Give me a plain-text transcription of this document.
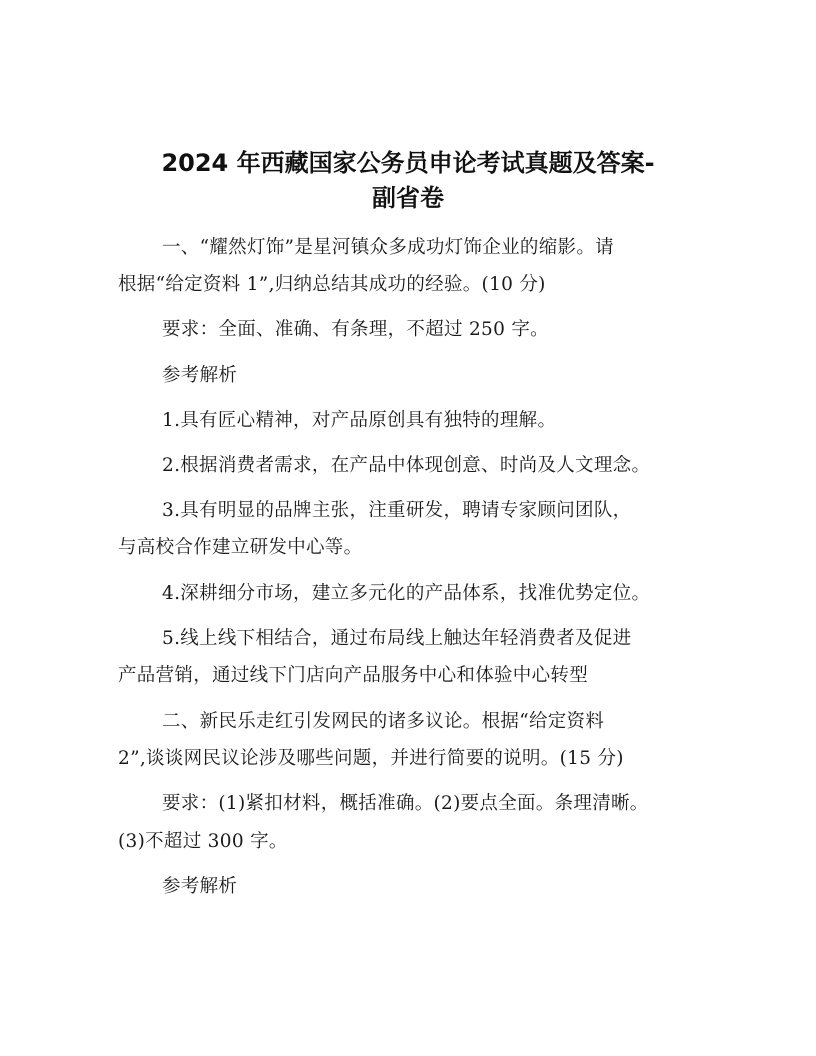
2024 年西藏国家公务员申论考试真题及答案-
副省卷
一、“耀然灯饰”是星河镇众多成功灯饰企业的缩影。请
根据“给定资料 1”,归纳总结其成功的经验。(10 分)
要求：全面、准确、有条理，不超过 250 字。
参考解析
1.具有匠心精神，对产品原创具有独特的理解。
2.根据消费者需求，在产品中体现创意、时尚及人文理念。
3.具有明显的品牌主张，注重研发，聘请专家顾问团队，
与高校合作建立研发中心等。
4.深耕细分市场，建立多元化的产品体系，找准优势定位。
5.线上线下相结合，通过布局线上触达年轻消费者及促进
产品营销，通过线下门店向产品服务中心和体验中心转型
二、新民乐走红引发网民的诸多议论。根据“给定资料
2”,谈谈网民议论涉及哪些问题，并进行简要的说明。(15 分)
要求：(1)紧扣材料，概括准确。(2)要点全面。条理清晰。
(3)不超过 300 字。
参考解析
